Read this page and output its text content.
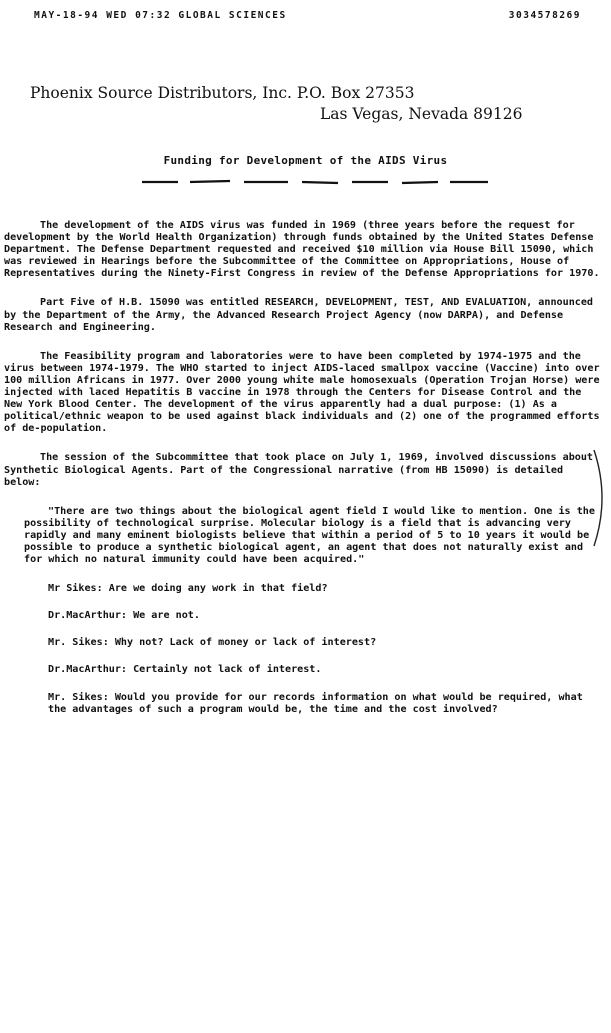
MAY-18-94 WED 07:32 GLOBAL SCIENCES	3034578269
Phoenix Source Distributors, Inc. P.O. Box 27353
Las Vegas, Nevada 89126
Funding for Development of the AIDS Virus

The development of the AIDS virus was funded in 1969 (three years before the request for development by the World Health Organization) through funds obtained by the United States Defense Department. The Defense Department requested and received $10 million via House Bill 15090, which was reviewed in Hearings before the Subcommittee of the Committee on Appropriations, House of Representatives during the Ninety-First Congress in review of the Defense Appropriations for 1970.

Part Five of H.B. 15090 was entitled RESEARCH, DEVELOPMENT, TEST, AND EVALUATION, announced by the Department of the Army, the Advanced Research Project Agency (now DARPA), and Defense Research and Engineering.

The Feasibility program and laboratories were to have been completed by 1974-1975 and the virus between 1974-1979. The WHO started to inject AIDS-laced smallpox vaccine (Vaccine) into over 100 million Africans in 1977. Over 2000 young white male homosexuals (Operation Trojan Horse) were injected with laced Hepatitis B vaccine in 1978 through the Centers for Disease Control and the New York Blood Center. The development of the virus apparently had a dual purpose: (1) As a political/ethnic weapon to be used against black individuals and (2) one of the programmed efforts of de-population.

The session of the Subcommittee that took place on July 1, 1969, involved discussions about Synthetic Biological Agents. Part of the Congressional narrative (from HB 15090) is detailed below:

"There are two things about the biological agent field I would like to mention. One is the possibility of technological surprise. Molecular biology is a field that is advancing very rapidly and many eminent biologists believe that within a period of 5 to 10 years it would be possible to produce a synthetic biological agent, an agent that does not naturally exist and for which no natural immunity could have been acquired."

Mr Sikes: Are we doing any work in that field?

Dr.MacArthur: We are not.

Mr. Sikes: Why not? Lack of money or lack of interest?

Dr.MacArthur: Certainly not lack of interest.

Mr. Sikes: Would you provide for our records information on what would be required, what the advantages of such a program would be, the time and the cost involved?
